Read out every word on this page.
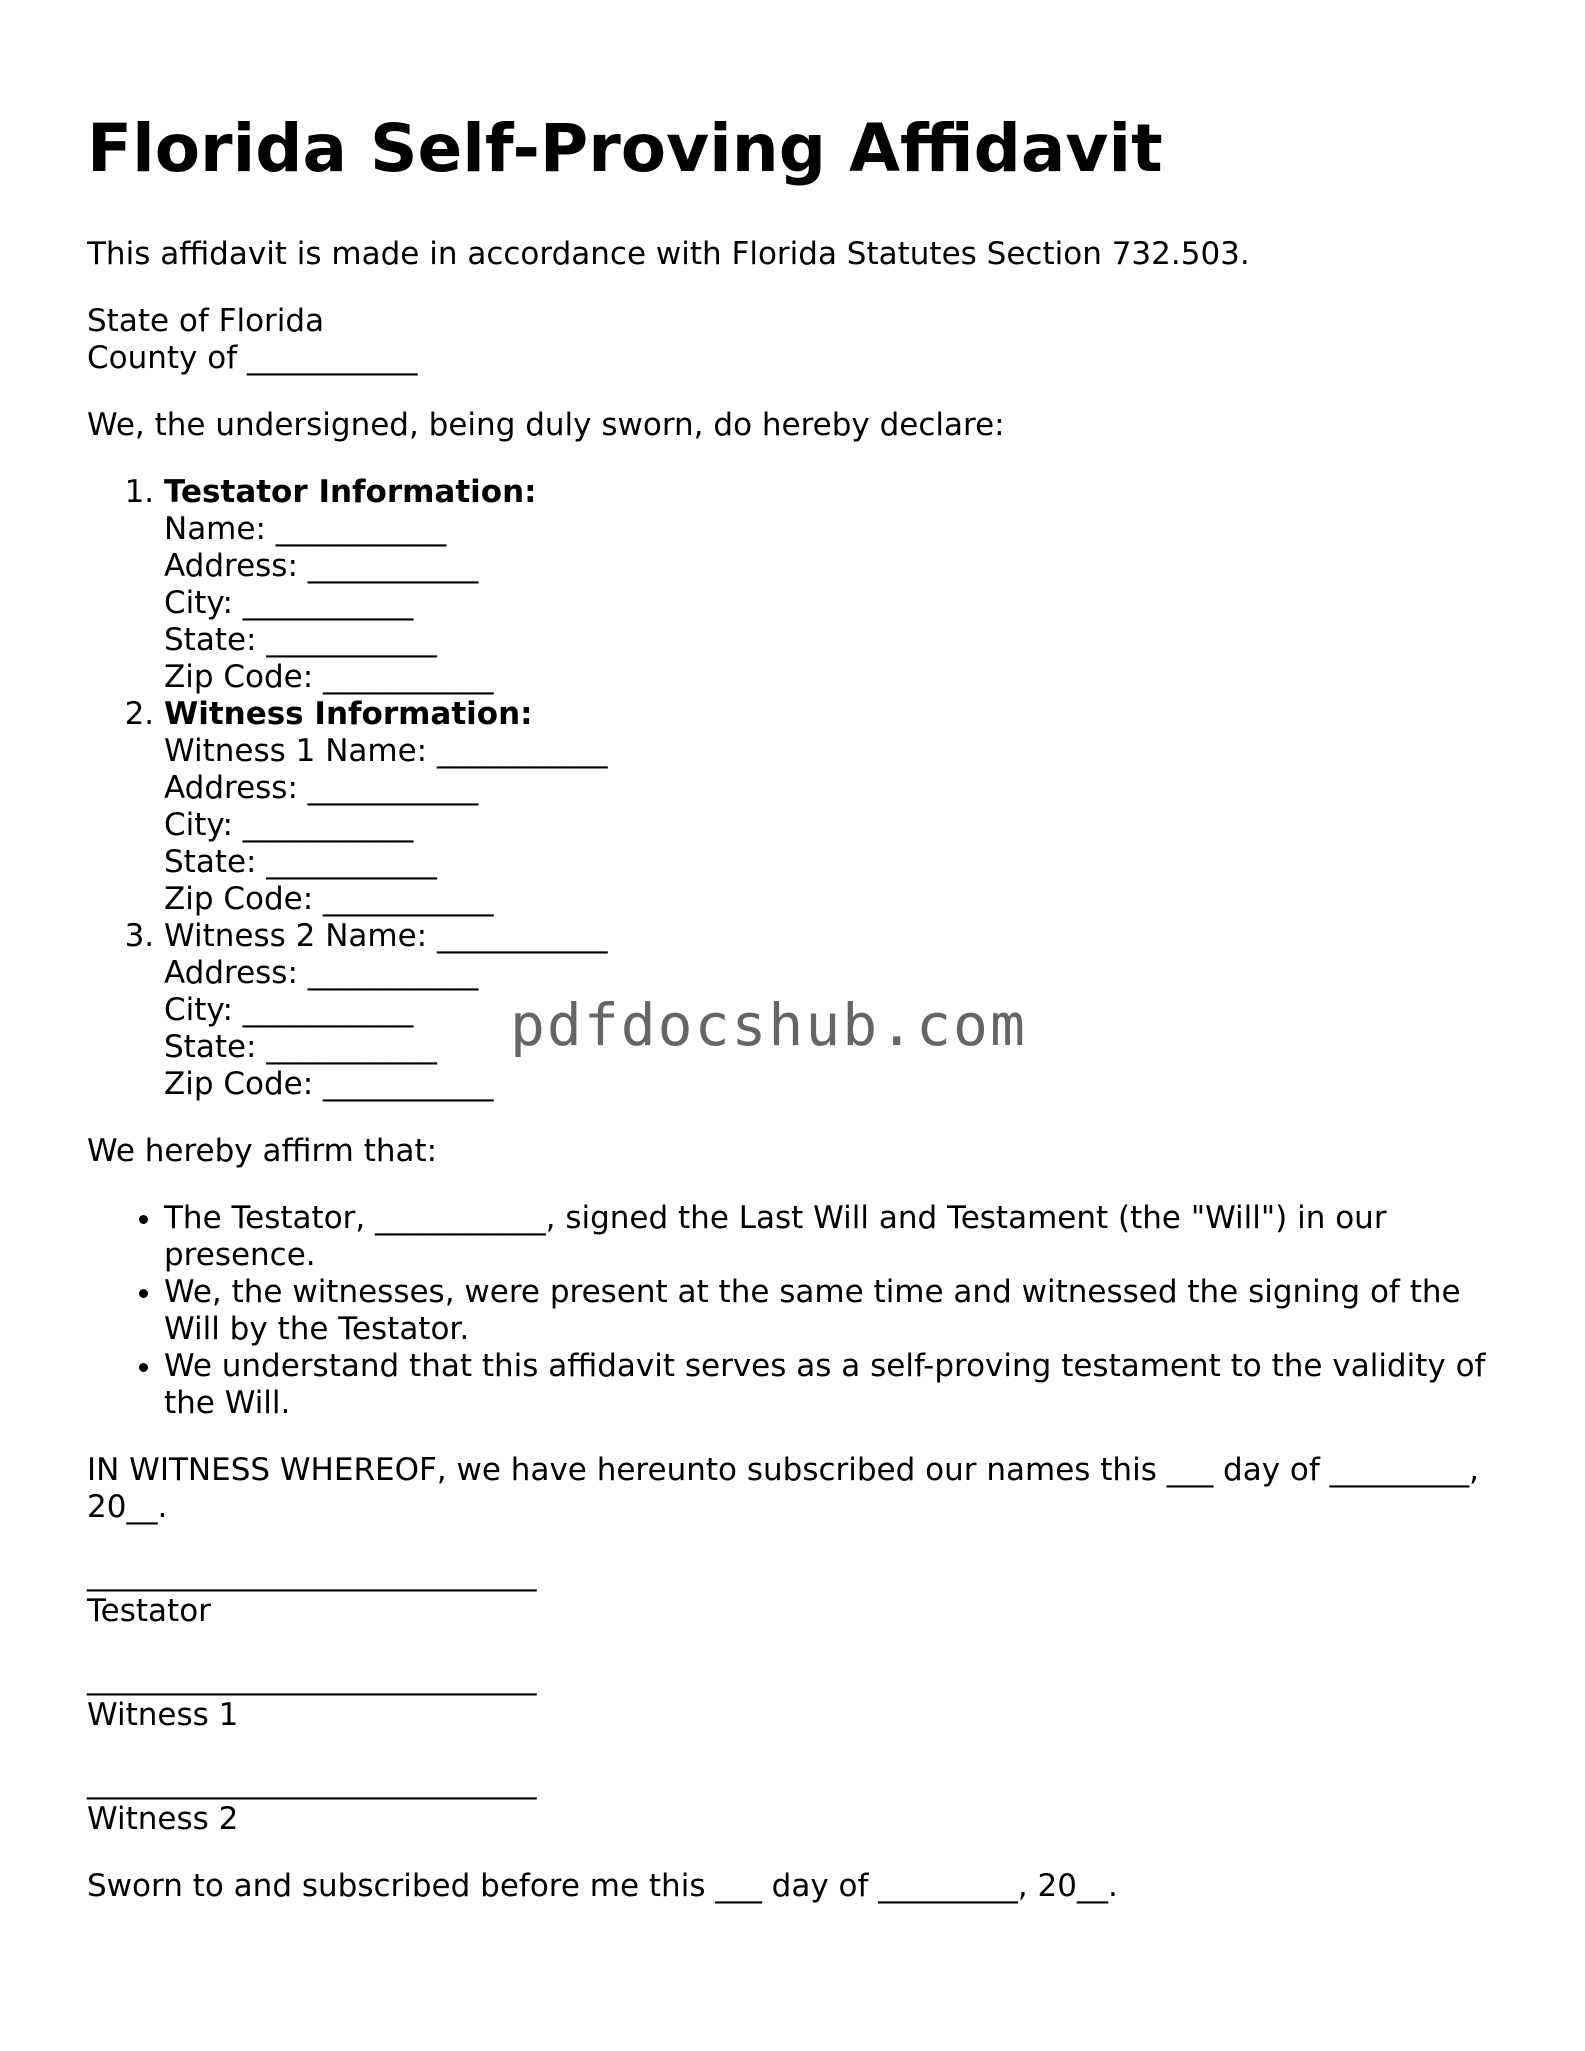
Florida Self-Proving Affidavit

This affidavit is made in accordance with Florida Statutes Section 732.503.

State of Florida
County of ___________

We, the undersigned, being duly sworn, do hereby declare:

1. Testator Information:
Name: ___________
Address: ___________
City: ___________
State: ___________
Zip Code: ___________
2. Witness Information:
Witness 1 Name: ___________
Address: ___________
City: ___________
State: ___________
Zip Code: ___________
3. Witness 2 Name: ___________
Address: ___________
City: ___________
State: ___________
Zip Code: ___________

We hereby affirm that:

• The Testator, ___________, signed the Last Will and Testament (the "Will") in our presence.
• We, the witnesses, were present at the same time and witnessed the signing of the Will by the Testator.
• We understand that this affidavit serves as a self-proving testament to the validity of the Will.

IN WITNESS WHEREOF, we have hereunto subscribed our names this ___ day of _________, 20__.

_____________________________
Testator
_____________________________
Witness 1
_____________________________
Witness 2

Sworn to and subscribed before me this ___ day of _________, 20__.

pdfdocshub.com
